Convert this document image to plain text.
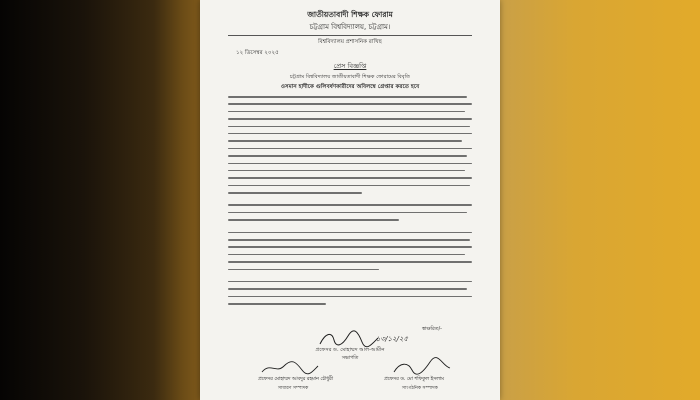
জাতীয়তাবাদী শিক্ষক ফোরাম
চট্টগ্রাম বিশ্ববিদ্যালয়, চট্টগ্রাম।
বিশ্ববিদ্যালয় প্রশাসনিক রাখিছ
১২ ডিসেম্বর ২০২৫
প্রেস বিজ্ঞপ্তি
চট্টগ্রাম বিশ্ববিদ্যালয় জাতীয়তাবাদী শিক্ষক ফোরামের বিবৃতি
ওসমান হাদীকে গুলিবর্ষণকারীদের অবিলম্বে গ্রেপ্তার করতে হবে
স্বাক্ষরিত/-
১৩/১২/২৫
প্রফেসর ড. মোহাম্মদ আল-আমীন
সভাপতি
প্রফেসর মোহাম্মদ আবদুর রহমান চৌধুরী
সাধারণ সম্পাদক
প্রফেসর ড. মো শফিকুল ইসলাম
সাংগঠনিক সম্পাদক
